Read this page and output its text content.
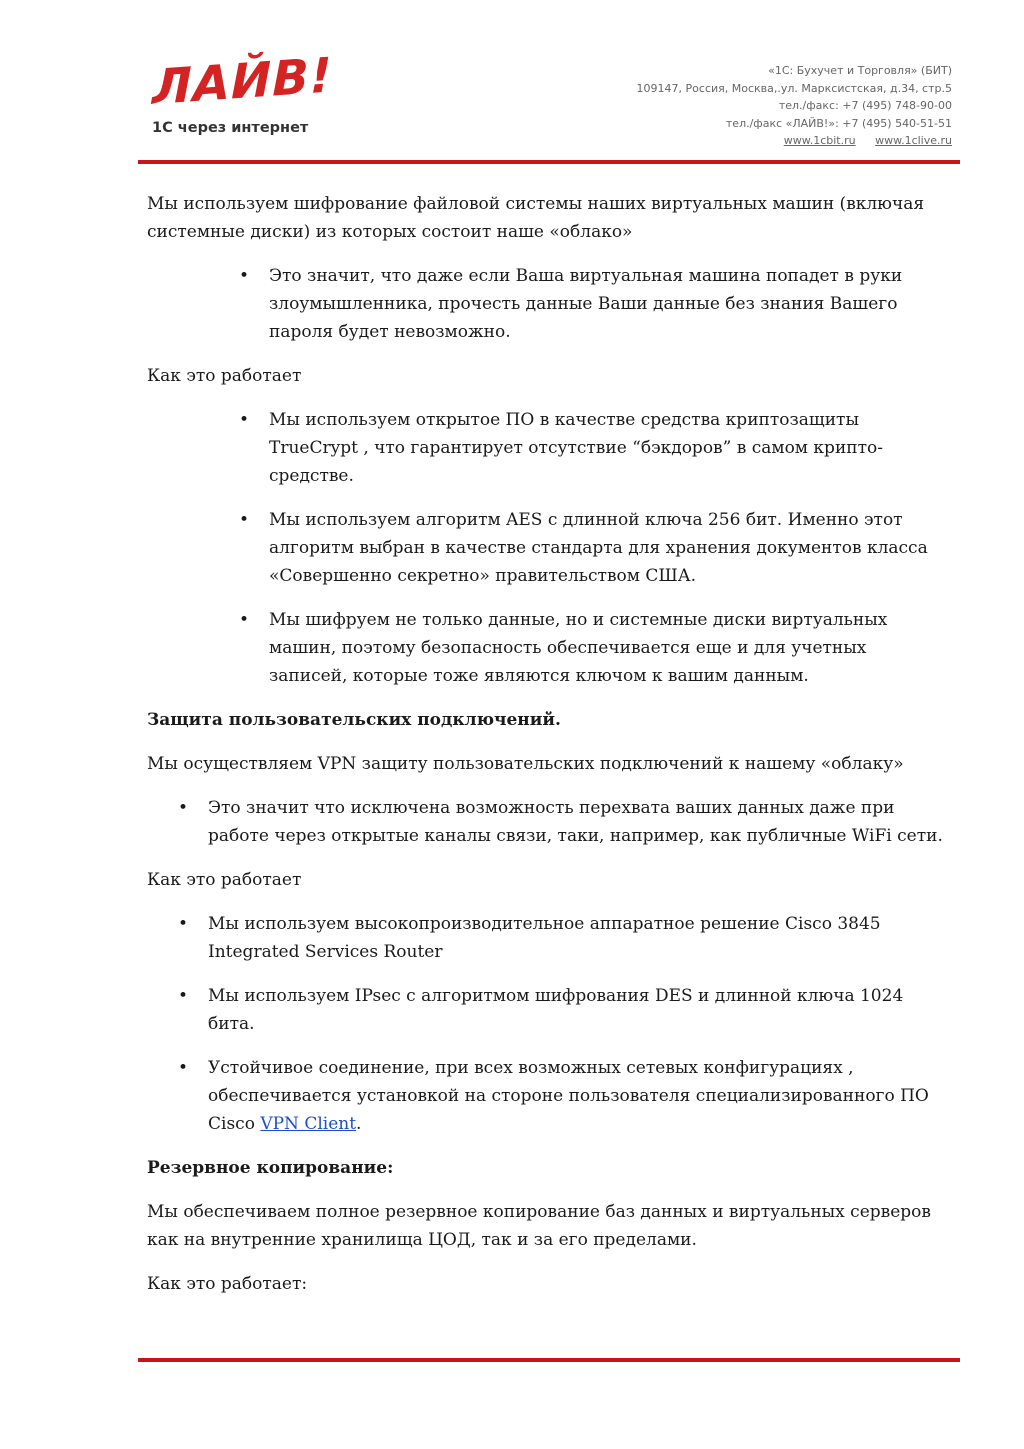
ЛАЙВ!
1С через интернет
«1С: Бухучет и Торговля» (БИТ)
109147, Россия, Москва,.ул. Марксистская, д.34, стр.5
тел./факс: +7 (495) 748-90-00
тел./факс «ЛАЙВ!»: +7 (495) 540-51-51
www.1cbit.ru www.1clive.ru

Мы используем шифрование файловой системы наших виртуальных машин (включая системные диски) из которых состоит наше «облако»

• Это значит, что даже если Ваша виртуальная машина попадет в руки злоумышленника, прочесть данные Ваши данные без знания Вашего пароля будет невозможно.

Как это работает

• Мы используем открытое ПО в качестве средства криптозащиты TrueCrypt , что гарантирует отсутствие “бэкдоров” в самом крипто-средстве.
• Мы используем алгоритм AES с длинной ключа 256 бит. Именно этот алгоритм выбран в качестве стандарта для хранения документов класса «Совершенно секретно» правительством США.
• Мы шифруем не только данные, но и системные диски виртуальных машин, поэтому безопасность обеспечивается еще и для учетных записей, которые тоже являются ключом к вашим данным.
Защита пользовательских подключений.

Мы осуществляем VPN защиту пользовательских подключений к нашему «облаку»

• Это значит что исключена возможность перехвата ваших данных даже при работе через открытые каналы связи, таки, например, как публичные WiFi сети.

Как это работает

• Мы используем высокопроизводительное аппаратное решение Cisco 3845 Integrated Services Router
• Мы используем IPsec с алгоритмом шифрования DES и длинной ключа 1024 бита.
• Устойчивое соединение, при всех возможных сетевых конфигурациях , обеспечивается установкой на стороне пользователя специализированного ПО Cisco VPN Client.
Резервное копирование:

Мы обеспечиваем полное резервное копирование баз данных и виртуальных серверов как на внутренние хранилища ЦОД, так и за его пределами.

Как это работает:
